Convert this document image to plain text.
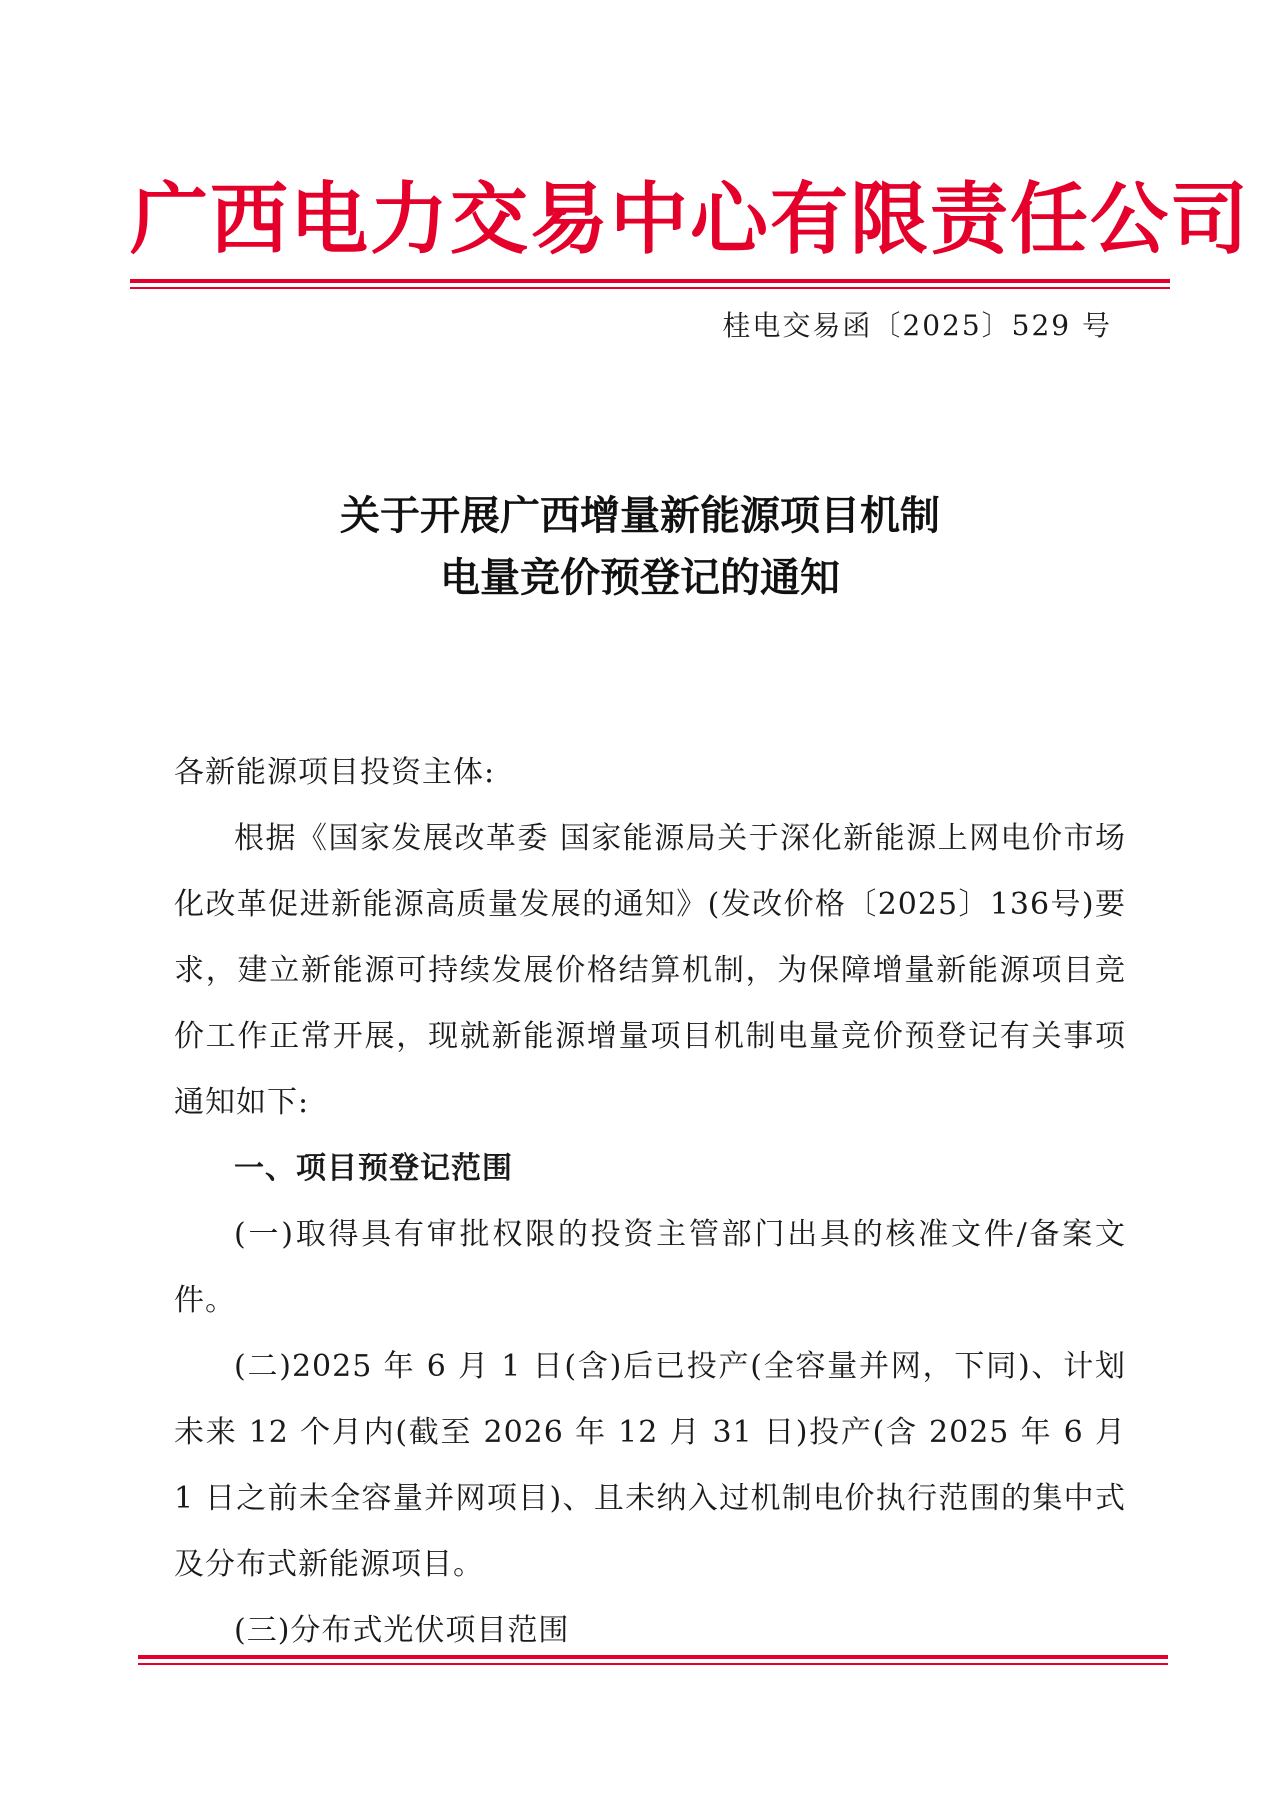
广西电力交易中心有限责任公司
桂电交易函〔2025〕529 号
关于开展广西增量新能源项目机制
电量竞价预登记的通知

各新能源项目投资主体:

根据《国家发展改革委 国家能源局关于深化新能源上网电价市场化改革促进新能源高质量发展的通知》(发改价格〔2025〕136号)要求，建立新能源可持续发展价格结算机制，为保障增量新能源项目竞价工作正常开展，现就新能源增量项目机制电量竞价预登记有关事项通知如下:

一、项目预登记范围

(一)取得具有审批权限的投资主管部门出具的核准文件/备案文件。

(二)2025 年 6 月 1 日(含)后已投产(全容量并网，下同)、计划未来 12 个月内(截至 2026 年 12 月 31 日)投产(含 2025 年 6 月 1 日之前未全容量并网项目)、且未纳入过机制电价执行范围的集中式及分布式新能源项目。

(三)分布式光伏项目范围
